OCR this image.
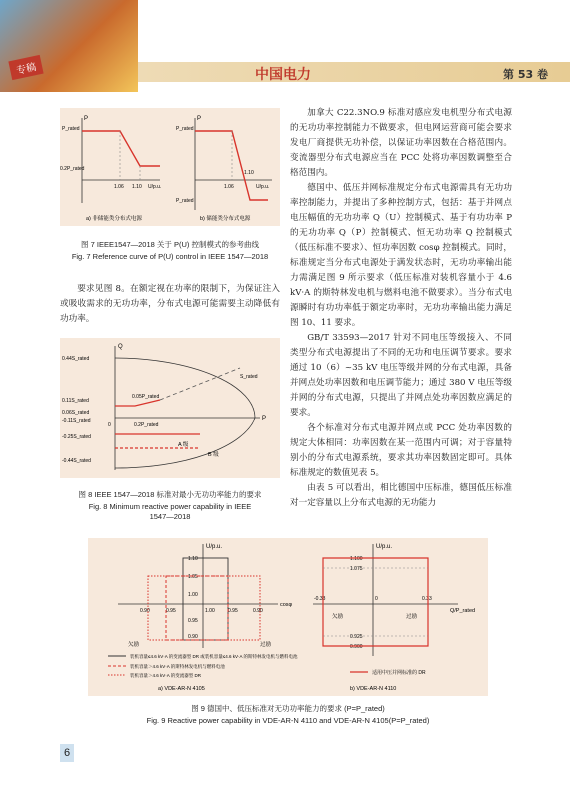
专稿	中国电力	第 53 卷
P
P_rated
0.2P_rated
1.06 1.10 U/p.u.
a) 非储能类分布式电源
P
P_rated
P_rated
1.06
1.10
U/p.u.
b) 储能类分布式电源
图 7 IEEE1547—2018 关于 P(U) 控制模式的参考曲线
Fig. 7 Reference curve of P(U) control in IEEE 1547—2018

要求见图 8。在额定视在功率的限制下，为保证注入或吸收需求的无功功率，分布式电源可能需要主动降低有功功率。

Q
P
0.44S_rated
0.11S_rated
0.06S_rated
-0.11S_rated
-0.25S_rated
-0.44S_rated
0.05P_rated
0.2P_rated
S_rated
0
A 级
B 级
图 8 IEEE 1547—2018 标准对最小无功功率能力的要求
Fig. 8 Minimum reactive power capability in IEEE 1547—2018

加拿大 C22.3NO.9 标准对感应发电机型分布式电源的无功功率控制能力不做要求，但电网运营商可能会要求发电厂商提供无功补偿，以保证功率因数在合格范围内。变流器型分布式电源应当在 PCC 处将功率因数调整至合格范围内。

德国中、低压并网标准规定分布式电源需具有无功功率控制能力，并提出了多种控制方式，包括：基于并网点电压幅值的无功功率 Q（U）控制模式、基于有功功率 P 的无功功率 Q（P）控制模式、恒无功功率 Q 控制模式（低压标准不要求）、恒功率因数 cosφ 控制模式。同时，标准规定当分布式电源处于满发状态时，无功功率输出能力需满足图 9 所示要求（低压标准对装机容量小于 4.6 kV·A 的斯特林发电机与燃料电池不做要求）。当分布式电源瞬时有功功率低于额定功率时，无功功率输出能力满足图 10、11 要求。

GB/T 33593—2017 针对不同电压等级接入、不同类型分布式电源提出了不同的无功和电压调节要求。要求通过 10（6）~35 kV 电压等级并网的分布式电源，具备并网点处功率因数和电压调节能力；通过 380 V 电压等级并网的分布式电源，只提出了并网点处功率因数应满足的要求。

各个标准对分布式电源并网点或 PCC 处功率因数的规定大体相同：功率因数在某一范围内可调；对于容量特别小的分布式电源系统，要求其功率因数固定即可。具体标准规定的数值见表 5。

由表 5 可以看出，相比德国中压标准，德国低压标准对一定容量以上分布式电源的无功能力

U/p.u.
cosφ
1.10
1.05
1.00
0.95
0.90
0.90	0.95	1.00	0.95	0.90
欠励	过励
装机容量≤4.6 kV·A 的变流器型 DR 或装机容量≤4.6 kV·A 的斯特林发电机与燃料电池
装机容量＞4.6 kV·A 的斯特林发电机与燃料电池
装机容量＞4.6 kV·A 的变流器型 DR
a) VDE-AR-N 4105
U/p.u.
Q/P_rated
1.100
1.075
0.925
0.900
-0.33	0	0.33
欠励	过励
适用中压并网标准的 DR
b) VDE-AR-N 4110
图 9 德国中、低压标准对无功功率能力的要求 (P=P_rated)
Fig. 9 Reactive power capability in VDE-AR-N 4110 and VDE-AR-N 4105(P=P_rated)
6
